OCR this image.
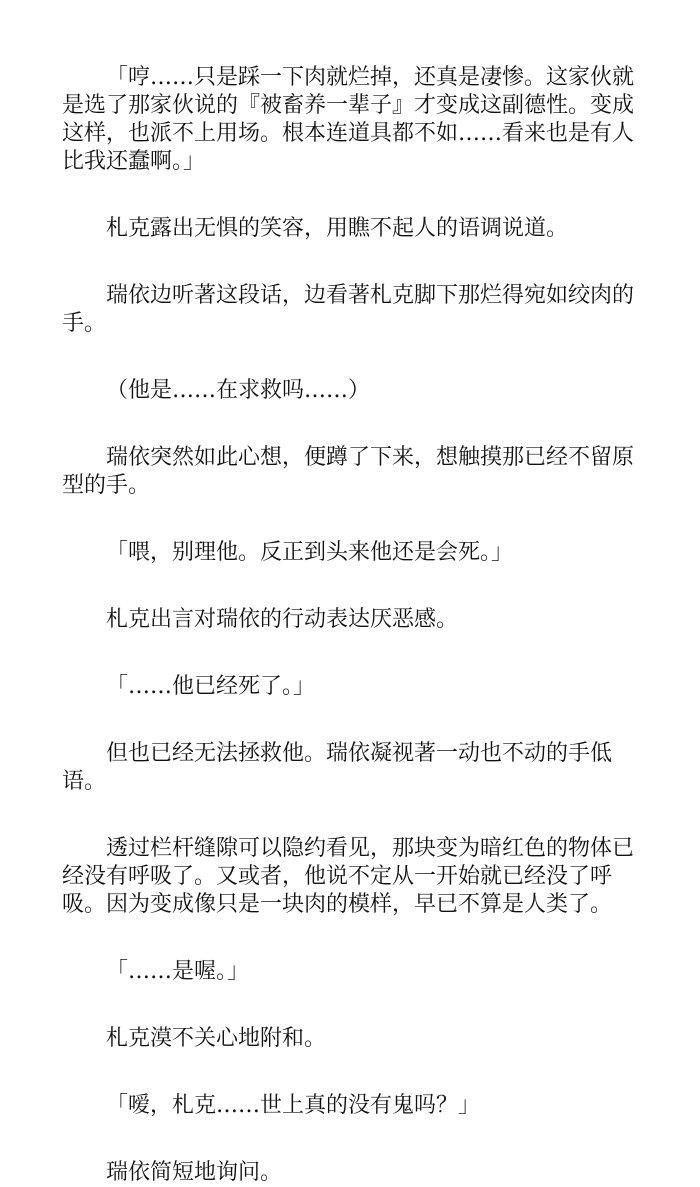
「哼……只是踩一下肉就烂掉，还真是凄惨。这家伙就是选了那家伙说的『被畜养一辈子』才变成这副德性。变成这样，也派不上用场。根本连道具都不如……看来也是有人比我还蠢啊。」

札克露出无惧的笑容，用瞧不起人的语调说道。

瑞依边听著这段话，边看著札克脚下那烂得宛如绞肉的手。

（他是……在求救吗……）

瑞依突然如此心想，便蹲了下来，想触摸那已经不留原型的手。

「喂，别理他。反正到头来他还是会死。」

札克出言对瑞依的行动表达厌恶感。

「……他已经死了。」

但也已经无法拯救他。瑞依凝视著一动也不动的手低语。

透过栏杆缝隙可以隐约看见，那块变为暗红色的物体已经没有呼吸了。又或者，他说不定从一开始就已经没了呼吸。因为变成像只是一块肉的模样，早已不算是人类了。

「……是喔。」

札克漠不关心地附和。

「嗳，札克……世上真的没有鬼吗？」

瑞依简短地询问。
